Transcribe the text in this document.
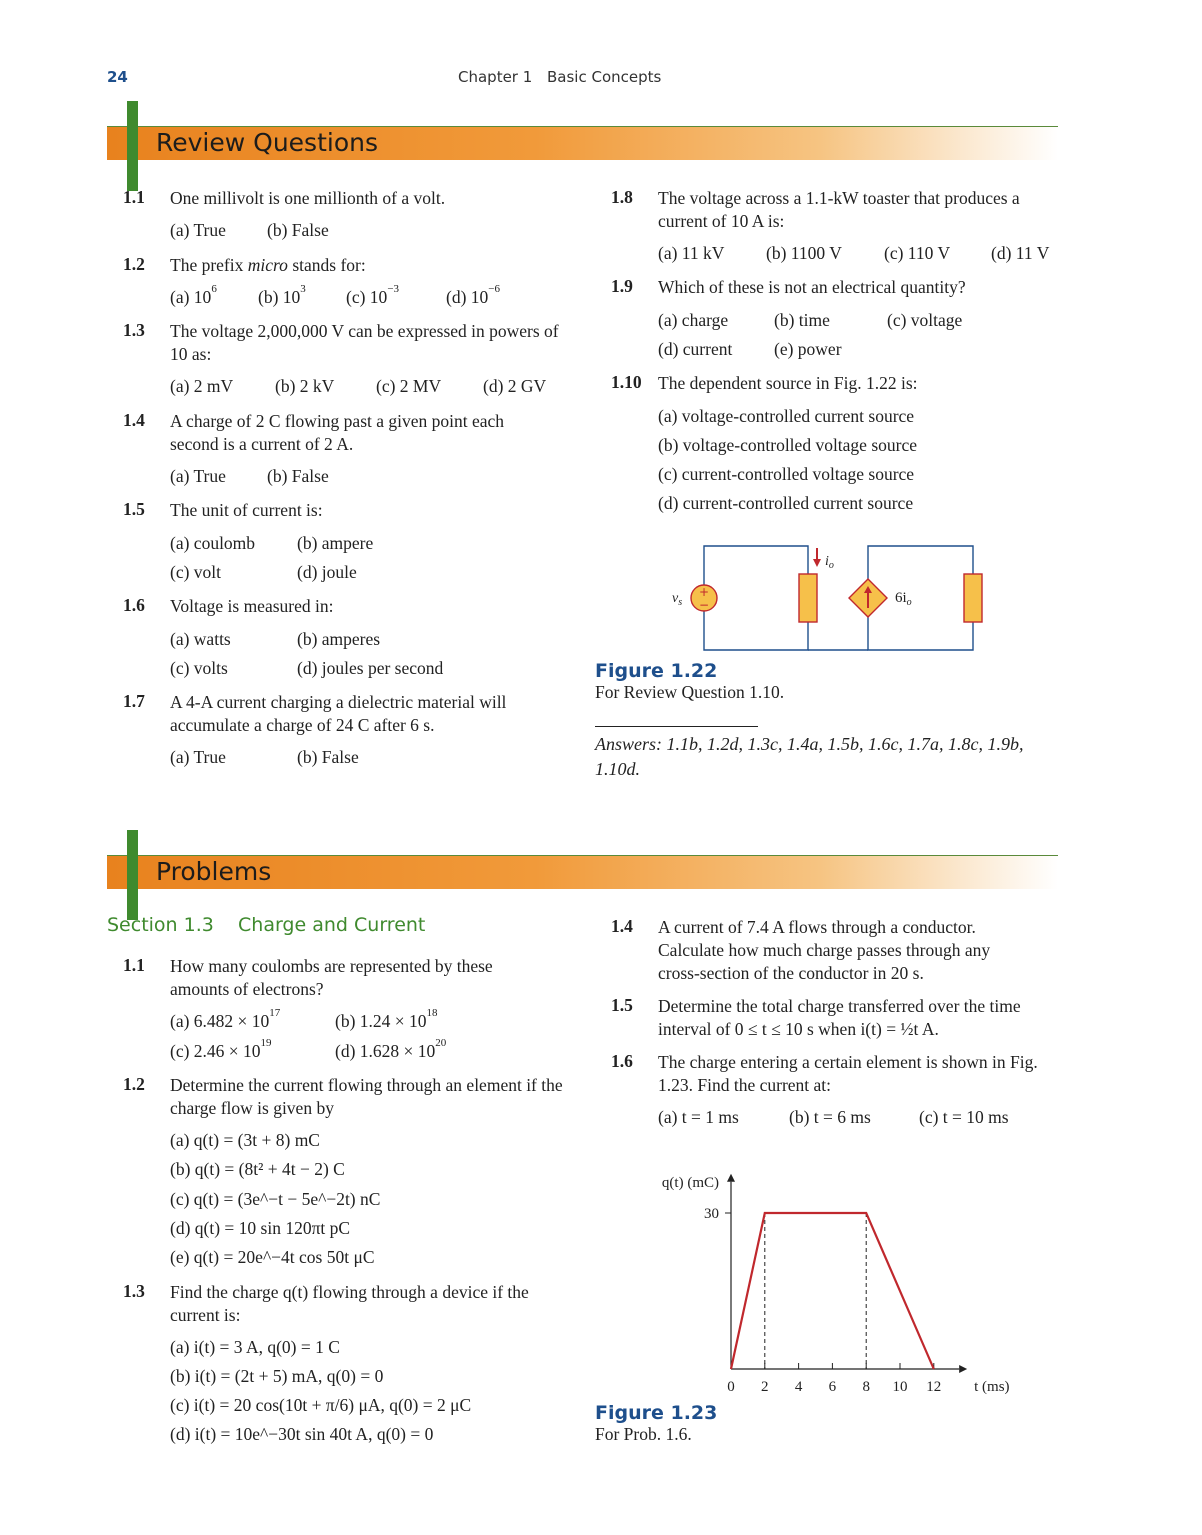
24	Chapter 1 Basic Concepts
Review Questions
1.1 One millivolt is one millionth of a volt.
(a) True (b) False
1.2 The prefix micro stands for:
(a) $10^6$ (b) $10^3$ (c) $10^{-3}$	(d) $10^{-6}$
1.3 The voltage 2,000,000 V can be expressed in powers of 10 as:
(a) 2 mV (b) 2 kV (c) 2 MV (d) 2 GV
1.4 A charge of 2 C flowing past a given point each second is a current of 2 A.
(a) True (b) False
1.5 The unit of current is:
(a) coulomb (b) ampere
(c) volt	(d) joule
1.6 Voltage is measured in:
(a) watts	(b) amperes
(c) volts	(d) joules per second
1.7 A 4-A current charging a dielectric material will accumulate a charge of 24 C after 6 s.
(a) True	(b) False
1.8 The voltage across a 1.1-kW toaster that produces a current of 10 A is:
(a) 11 kV (b) 1100 V (c) 110 V (d) 11 V
1.9 Which of these is not an electrical quantity?
(a) charge	(b) time	(c) voltage
(d) current (e) power
1.10 The dependent source in Fig. 1.22 is:
(a) voltage-controlled current source
(b) voltage-controlled voltage source
(c) current-controlled voltage source
(d) current-controlled current source
+
−
$i_o$
$v_s$	$6i_o$
Figure 1.22
For Review Question 1.10.
Answers: 1.1b, 1.2d, 1.3c, 1.4a, 1.5b, 1.6c, 1.7a, 1.8c, 1.9b, 1.10d.
Problems
Section 1.3    Charge and Current
1.1 How many coulombs are represented by these amounts of electrons?
(a) $6.482 \times 10^{17}$	(b) $1.24 \times 10^{18}$
(c) $2.46 \times 10^{19}$	(d) $1.628 \times 10^{20}$
1.2 Determine the current flowing through an element if the charge flow is given by
(a) q(t) = (3t + 8) mC
(b) q(t) = (8t² + 4t − 2) C
(c) q(t) = (3e^−t − 5e^−2t) nC
(d) q(t) = 10 sin 120πt pC
(e) q(t) = 20e^−4t cos 50t μC
1.3 Find the charge q(t) flowing through a device if the current is:
(a) i(t) = 3 A, q(0) = 1 C
(b) i(t) = (2t + 5) mA, q(0) = 0
(c) i(t) = 20 cos(10t + π/6) μA, q(0) = 2 μC
(d) i(t) = 10e^−30t sin 40t A, q(0) = 0
1.4 A current of 7.4 A flows through a conductor. Calculate how much charge passes through any cross-section of the conductor in 20 s.
1.5 Determine the total charge transferred over the time interval of 0 ≤ t ≤ 10 s when i(t) = ½t A.
1.6 The charge entering a certain element is shown in Fig. 1.23. Find the current at:
(a) t = 1 ms	(b) t = 6 ms	(c) t = 10 ms
0 2 4 6 8 10 12
30
q(t) (mC)
t (ms)
Figure 1.23
For Prob. 1.6.
